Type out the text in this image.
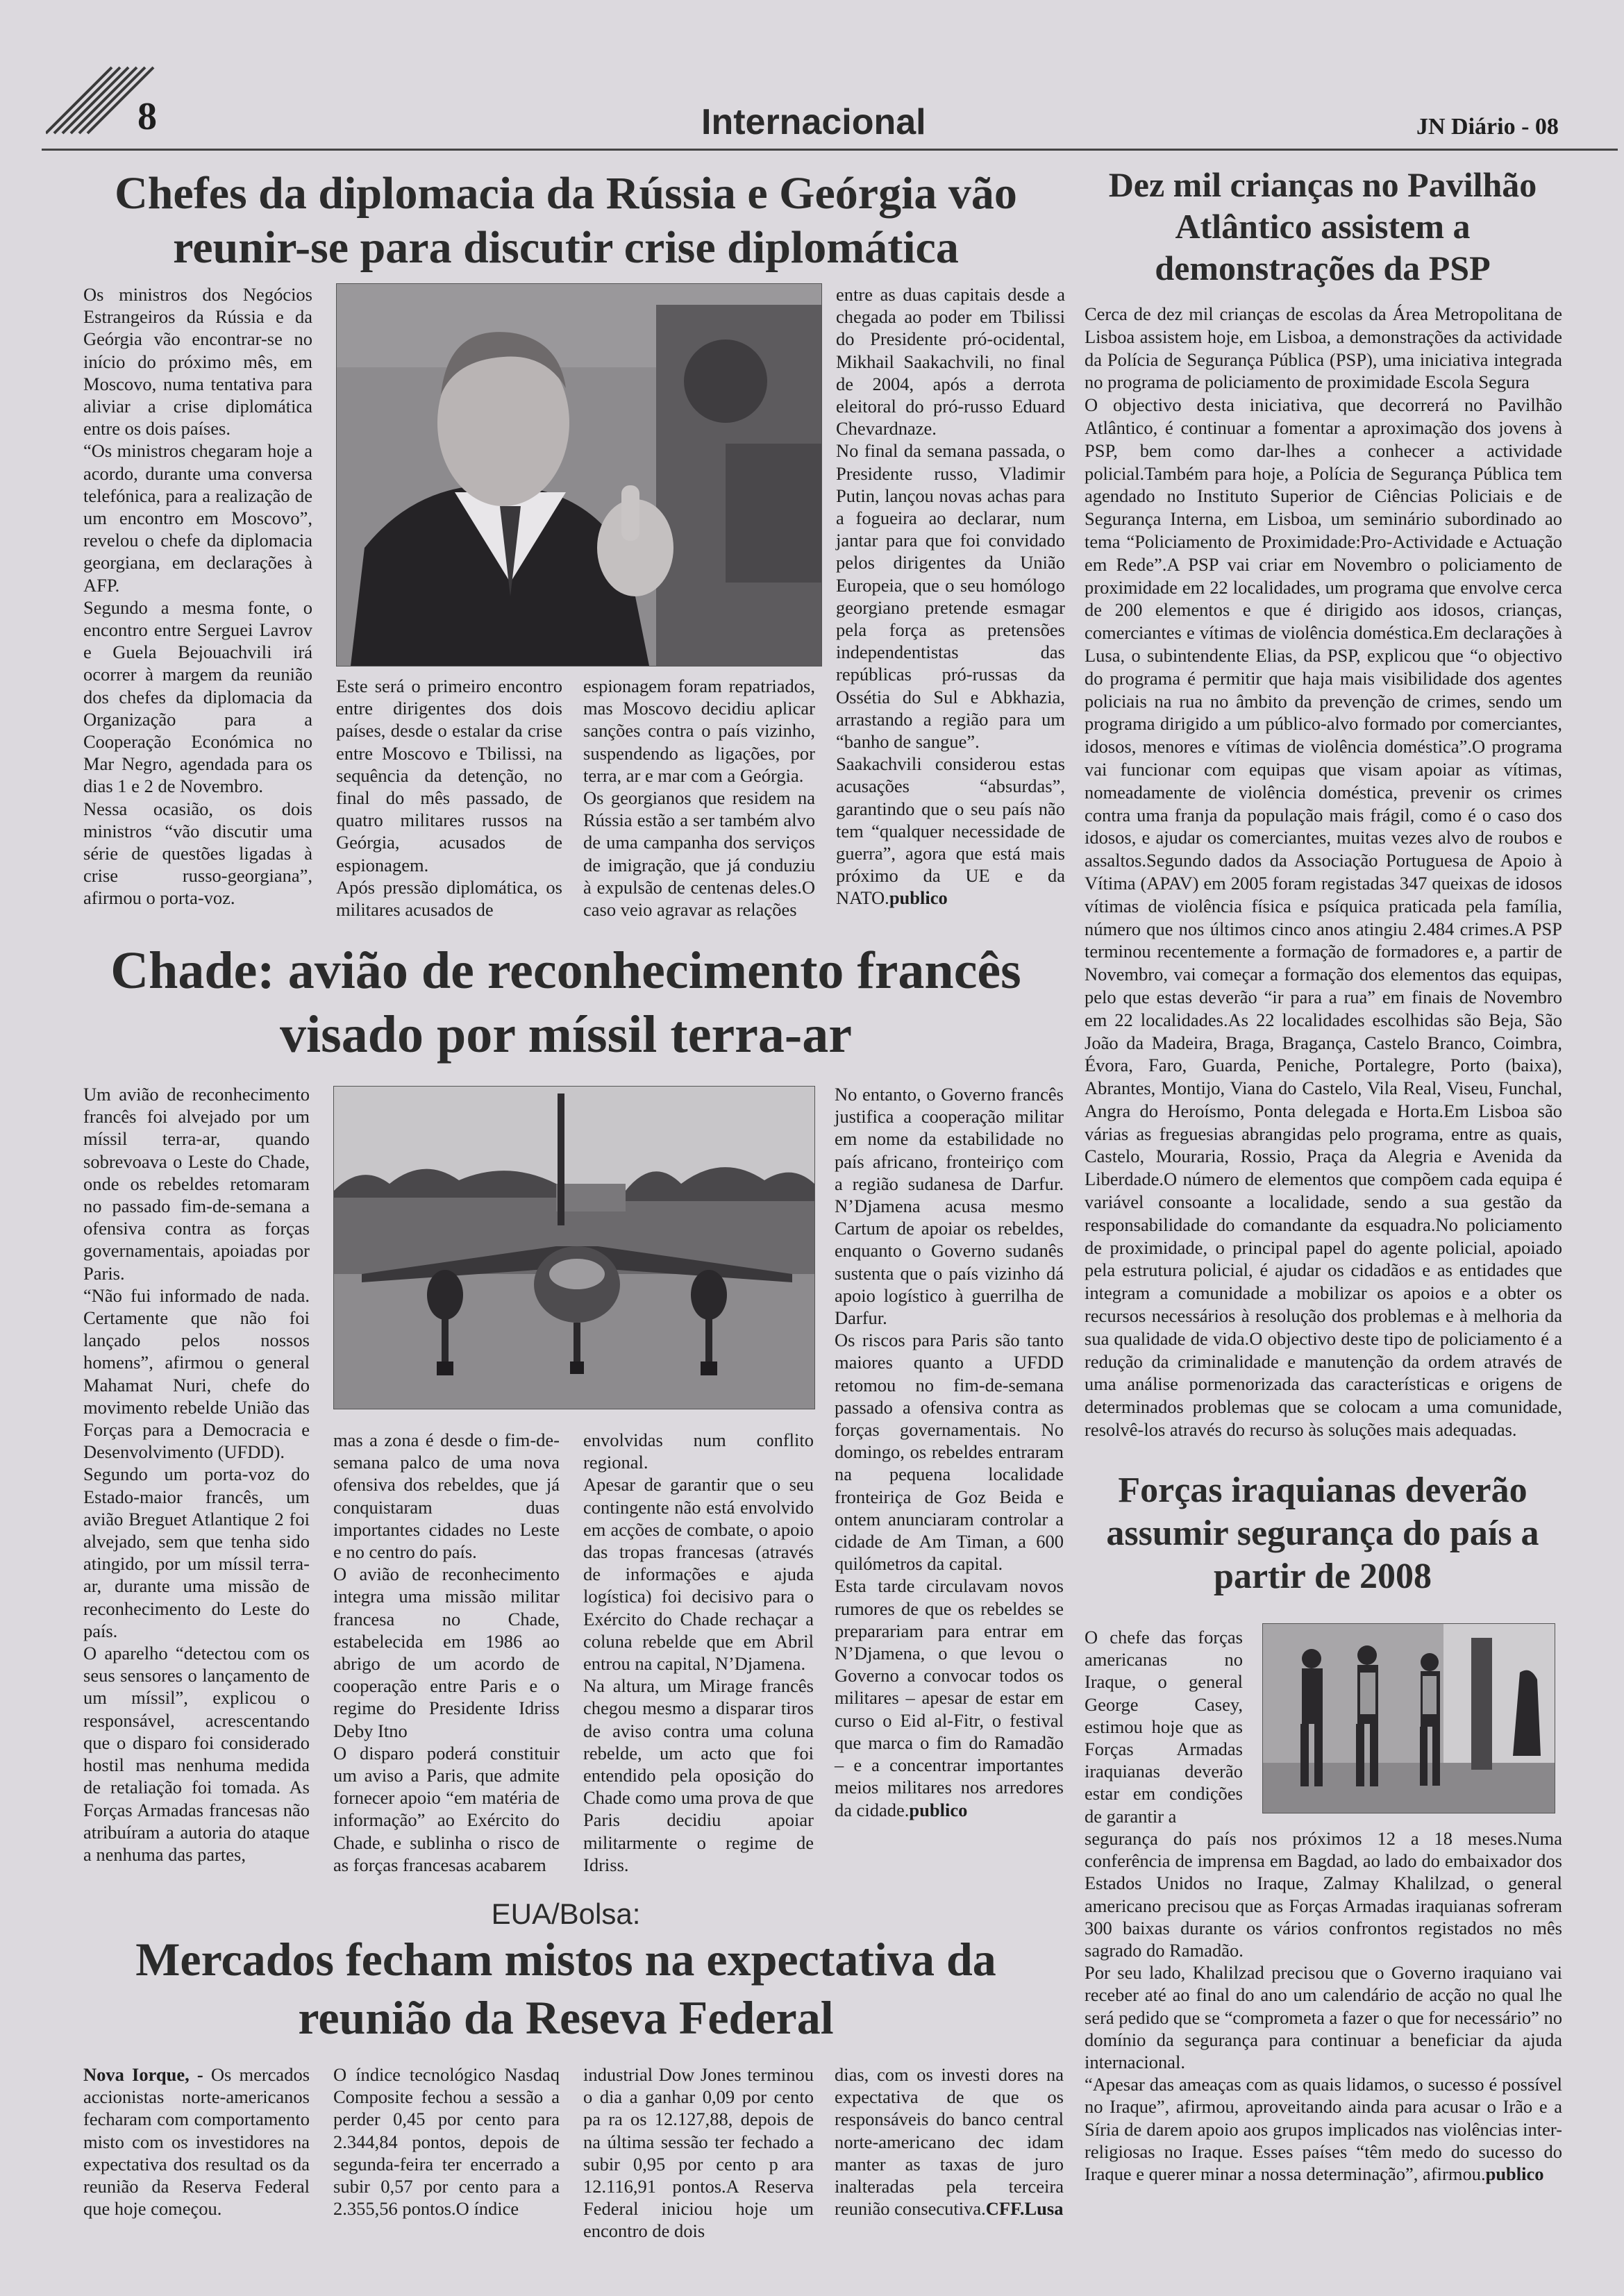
8	Internacional	JN Diário - 08
Chefes da diplomacia da Rússia e Geórgia vão reunir-se para discutir crise diplomática

Os ministros dos Negócios Estrangeiros da Rússia e da Geórgia vão encontrar-se no início do próximo mês, em Moscovo, numa tentativa para aliviar a crise diplomática entre os dois países.

“Os ministros chegaram hoje a acordo, durante uma conversa telefónica, para a realização de um encontro em Moscovo”, revelou o chefe da diplomacia georgiana, em declarações à AFP.

Segundo a mesma fonte, o encontro entre Serguei Lavrov e Guela Bejouachvili irá ocorrer à margem da reunião dos chefes da diplomacia da Organização para a Cooperação Económica no Mar Negro, agendada para os dias 1 e 2 de Novembro.

Nessa ocasião, os dois ministros “vão discutir uma série de questões ligadas à crise russo-georgiana”, afirmou o porta-voz.

Este será o primeiro encontro entre dirigentes dos dois países, desde o estalar da crise entre Moscovo e Tbilissi, na sequência da detenção, no final do mês passado, de quatro militares russos na Geórgia, acusados de espionagem.

Após pressão diplomática, os militares acusados de

espionagem foram repatriados, mas Moscovo decidiu aplicar sanções contra o país vizinho, suspendendo as ligações, por terra, ar e mar com a Geórgia.

Os georgianos que residem na Rússia estão a ser também alvo de uma campanha dos serviços de imigração, que já conduziu à expulsão de centenas deles.O caso veio agravar as relações

entre as duas capitais desde a chegada ao poder em Tbilissi do Presidente pró-ocidental, Mikhail Saakachvili, no final de 2004, após a derrota eleitoral do pró-russo Eduard Chevardnaze.

No final da semana passada, o Presidente russo, Vladimir Putin, lançou novas achas para a fogueira ao declarar, num jantar para que foi convidado pelos dirigentes da União Europeia, que o seu homólogo georgiano pretende esmagar pela força as pretensões independentistas das repúblicas pró-russas da Ossétia do Sul e Abkhazia, arrastando a região para um “banho de sangue”.

Saakachvili considerou estas acusações “absurdas”, garantindo que o seu país não tem “qualquer necessidade de guerra”, agora que está mais próximo da UE e da NATO.publico

Chade: avião de reconhecimento francês visado por míssil terra-ar

Um avião de reconhecimento francês foi alvejado por um míssil terra-ar, quando sobrevoava o Leste do Chade, onde os rebeldes retomaram no passado fim-de-semana a ofensiva contra as forças governamentais, apoiadas por Paris.

“Não fui informado de nada. Certamente que não foi lançado pelos nossos homens”, afirmou o general Mahamat Nuri, chefe do movimento rebelde União das Forças para a Democracia e Desenvolvimento (UFDD).

Segundo um porta-voz do Estado-maior francês, um avião Breguet Atlantique 2 foi alvejado, sem que tenha sido atingido, por um míssil terra-ar, durante uma missão de reconhecimento do Leste do país.

O aparelho “detectou com os seus sensores o lançamento de um míssil”, explicou o responsável, acrescentando que o disparo foi considerado hostil mas nenhuma medida de retaliação foi tomada. As Forças Armadas francesas não atribuíram a autoria do ataque a nenhuma das partes,

mas a zona é desde o fim-de-semana palco de uma nova ofensiva dos rebeldes, que já conquistaram duas importantes cidades no Leste e no centro do país.

O avião de reconhecimento integra uma missão militar francesa no Chade, estabelecida em 1986 ao abrigo de um acordo de cooperação entre Paris e o regime do Presidente Idriss Deby Itno

O disparo poderá constituir um aviso a Paris, que admite fornecer apoio “em matéria de informação” ao Exército do Chade, e sublinha o risco de as forças francesas acabarem

envolvidas num conflito regional.

Apesar de garantir que o seu contingente não está envolvido em acções de combate, o apoio das tropas francesas (através de informações e ajuda logística) foi decisivo para o Exército do Chade rechaçar a coluna rebelde que em Abril entrou na capital, N’Djamena.

Na altura, um Mirage francês chegou mesmo a disparar tiros de aviso contra uma coluna rebelde, um acto que foi entendido pela oposição do Chade como uma prova de que Paris decidiu apoiar militarmente o regime de Idriss.

No entanto, o Governo francês justifica a cooperação militar em nome da estabilidade no país africano, fronteiriço com a região sudanesa de Darfur. N’Djamena acusa mesmo Cartum de apoiar os rebeldes, enquanto o Governo sudanês sustenta que o país vizinho dá apoio logístico à guerrilha de Darfur.

Os riscos para Paris são tanto maiores quanto a UFDD retomou no fim-de-semana passado a ofensiva contra as forças governamentais. No domingo, os rebeldes entraram na pequena localidade fronteiriça de Goz Beida e ontem anunciaram controlar a cidade de Am Timan, a 600 quilómetros da capital.

Esta tarde circulavam novos rumores de que os rebeldes se preparariam para entrar em N’Djamena, o que levou o Governo a convocar todos os militares – apesar de estar em curso o Eid al-Fitr, o festival que marca o fim do Ramadão – e a concentrar importantes meios militares nos arredores da cidade.publico

EUA/Bolsa:
Mercados fecham mistos na expectativa da reunião da Reseva Federal

Nova Iorque, - Os mercados accionistas norte-americanos fecharam com comportamento misto com os investidores na expectativa dos resultad os da reunião da Reserva Federal que hoje começou.

O índice tecnológico Nasdaq Composite fechou a sessão a perder 0,45 por cento para 2.344,84 pontos, depois de segunda-feira ter encerrado a subir 0,57 por cento para a 2.355,56 pontos.O índice

industrial Dow Jones terminou o dia a ganhar 0,09 por cento pa ra os 12.127,88, depois de na última sessão ter fechado a subir 0,95 por cento p ara 12.116,91 pontos.A Reserva Federal iniciou hoje um encontro de dois

dias, com os investi dores na expectativa de que os responsáveis do banco central norte-americano dec idam manter as taxas de juro inalteradas pela terceira reunião consecutiva.CFF.Lusa

Dez mil crianças no Pavilhão Atlântico assistem a demonstrações da PSP

Cerca de dez mil crianças de escolas da Área Metropolitana de Lisboa assistem hoje, em Lisboa, a demonstrações da actividade da Polícia de Segurança Pública (PSP), uma iniciativa integrada no programa de policiamento de proximidade Escola Segura

O objectivo desta iniciativa, que decorrerá no Pavilhão Atlântico, é continuar a fomentar a aproximação dos jovens à PSP, bem como dar-lhes a conhecer a actividade policial.Também para hoje, a Polícia de Segurança Pública tem agendado no Instituto Superior de Ciências Policiais e de Segurança Interna, em Lisboa, um seminário subordinado ao tema “Policiamento de Proximidade:Pro-Actividade e Actuação em Rede”.A PSP vai criar em Novembro o policiamento de proximidade em 22 localidades, um programa que envolve cerca de 200 elementos e que é dirigido aos idosos, crianças, comerciantes e vítimas de violência doméstica.Em declarações à Lusa, o subintendente Elias, da PSP, explicou que “o objectivo do programa é permitir que haja mais visibilidade dos agentes policiais na rua no âmbito da prevenção de crimes, sendo um programa dirigido a um público-alvo formado por comerciantes, idosos, menores e vítimas de violência doméstica”.O programa vai funcionar com equipas que visam apoiar as vítimas, nomeadamente de violência doméstica, prevenir os crimes contra uma franja da população mais frágil, como é o caso dos idosos, e ajudar os comerciantes, muitas vezes alvo de roubos e assaltos.Segundo dados da Associação Portuguesa de Apoio à Vítima (APAV) em 2005 foram registadas 347 queixas de idosos vítimas de violência física e psíquica praticada pela família, número que nos últimos cinco anos atingiu 2.484 crimes.A PSP terminou recentemente a formação de formadores e, a partir de Novembro, vai começar a formação dos elementos das equipas, pelo que estas deverão “ir para a rua” em finais de Novembro em 22 localidades.As 22 localidades escolhidas são Beja, São João da Madeira, Braga, Bragança, Castelo Branco, Coimbra, Évora, Faro, Guarda, Peniche, Portalegre, Porto (baixa), Abrantes, Montijo, Viana do Castelo, Vila Real, Viseu, Funchal, Angra do Heroísmo, Ponta delegada e Horta.Em Lisboa são várias as freguesias abrangidas pelo programa, entre as quais, Castelo, Mouraria, Rossio, Praça da Alegria e Avenida da Liberdade.O número de elementos que compõem cada equipa é variável consoante a localidade, sendo a sua gestão da responsabilidade do comandante da esquadra.No policiamento de proximidade, o principal papel do agente policial, apoiado pela estrutura policial, é ajudar os cidadãos e as entidades que integram a comunidade a mobilizar os apoios e a obter os recursos necessários à resolução dos problemas e à melhoria da sua qualidade de vida.O objectivo deste tipo de policiamento é a redução da criminalidade e manutenção da ordem através de uma análise pormenorizada das características e origens de determinados problemas que se colocam a uma comunidade, resolvê-los através do recurso às soluções mais adequadas.

Forças iraquianas deverão assumir segurança do país a partir de 2008

O chefe das forças americanas no Iraque, o general George Casey, estimou hoje que as Forças Armadas iraquianas deverão estar em condições de garantir a

segurança do país nos próximos 12 a 18 meses.Numa conferência de imprensa em Bagdad, ao lado do embaixador dos Estados Unidos no Iraque, Zalmay Khalilzad, o general americano precisou que as Forças Armadas iraquianas sofreram 300 baixas durante os vários confrontos registados no mês sagrado do Ramadão.

Por seu lado, Khalilzad precisou que o Governo iraquiano vai receber até ao final do ano um calendário de acção no qual lhe será pedido que se “comprometa a fazer o que for necessário” no domínio da segurança para continuar a beneficiar da ajuda internacional.

“Apesar das ameaças com as quais lidamos, o sucesso é possível no Iraque”, afirmou, aproveitando ainda para acusar o Irão e a Síria de darem apoio aos grupos implicados nas violências inter-religiosas no Iraque. Esses países “têm medo do sucesso do Iraque e querer minar a nossa determinação”, afirmou.publico
